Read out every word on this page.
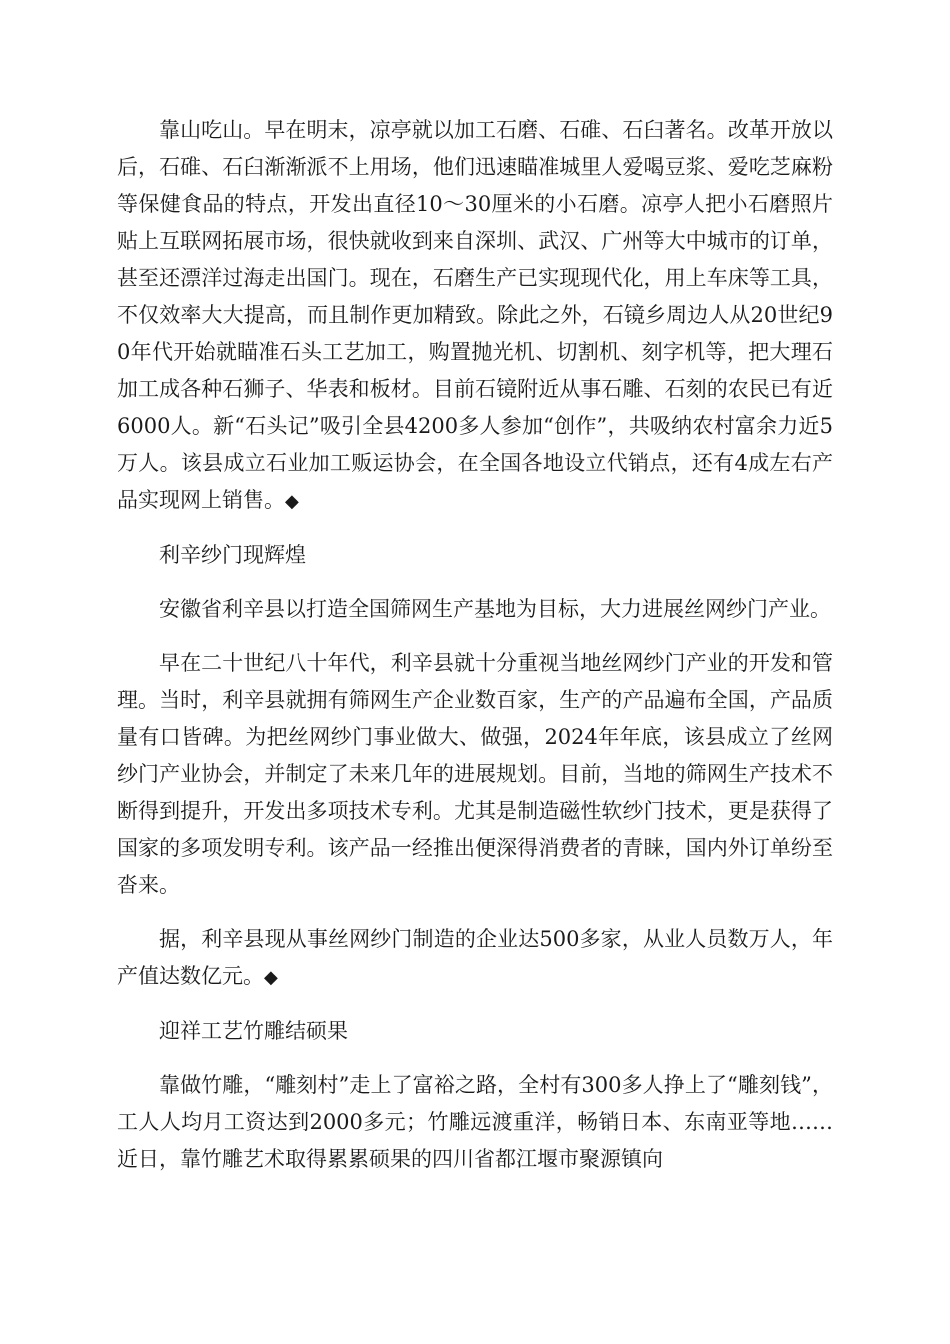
靠山吃山。早在明末，凉亭就以加工石磨、石碓、石臼著名。改革开放以后，石碓、石臼渐渐派不上用场，他们迅速瞄准城里人爱喝豆浆、爱吃芝麻粉等保健食品的特点，开发出直径10～30厘米的小石磨。凉亭人把小石磨照片贴上互联网拓展市场，很快就收到来自深圳、武汉、广州等大中城市的订单，甚至还漂洋过海走出国门。现在，石磨生产已实现现代化，用上车床等工具，不仅效率大大提高，而且制作更加精致。除此之外，石镜乡周边人从20世纪90年代开始就瞄准石头工艺加工，购置抛光机、切割机、刻字机等，把大理石加工成各种石狮子、华表和板材。目前石镜附近从事石雕、石刻的农民已有近6000人。新“石头记”吸引全县4200多人参加“创作”，共吸纳农村富余力近5万人。该县成立石业加工贩运协会，在全国各地设立代销点，还有4成左右产品实现网上销售。◆

利辛纱门现辉煌

安徽省利辛县以打造全国筛网生产基地为目标，大力进展丝网纱门产业。

早在二十世纪八十年代，利辛县就十分重视当地丝网纱门产业的开发和管理。当时，利辛县就拥有筛网生产企业数百家，生产的产品遍布全国，产品质量有口皆碑。为把丝网纱门事业做大、做强，2024年年底，该县成立了丝网纱门产业协会，并制定了未来几年的进展规划。目前，当地的筛网生产技术不断得到提升，开发出多项技术专利。尤其是制造磁性软纱门技术，更是获得了国家的多项发明专利。该产品一经推出便深得消费者的青睐，国内外订单纷至沓来。

据，利辛县现从事丝网纱门制造的企业达500多家，从业人员数万人，年产值达数亿元。◆

迎祥工艺竹雕结硕果

靠做竹雕，“雕刻村”走上了富裕之路，全村有300多人挣上了“雕刻钱”，工人人均月工资达到2000多元；竹雕远渡重洋，畅销日本、东南亚等地……近日，靠竹雕艺术取得累累硕果的四川省都江堰市聚源镇向
